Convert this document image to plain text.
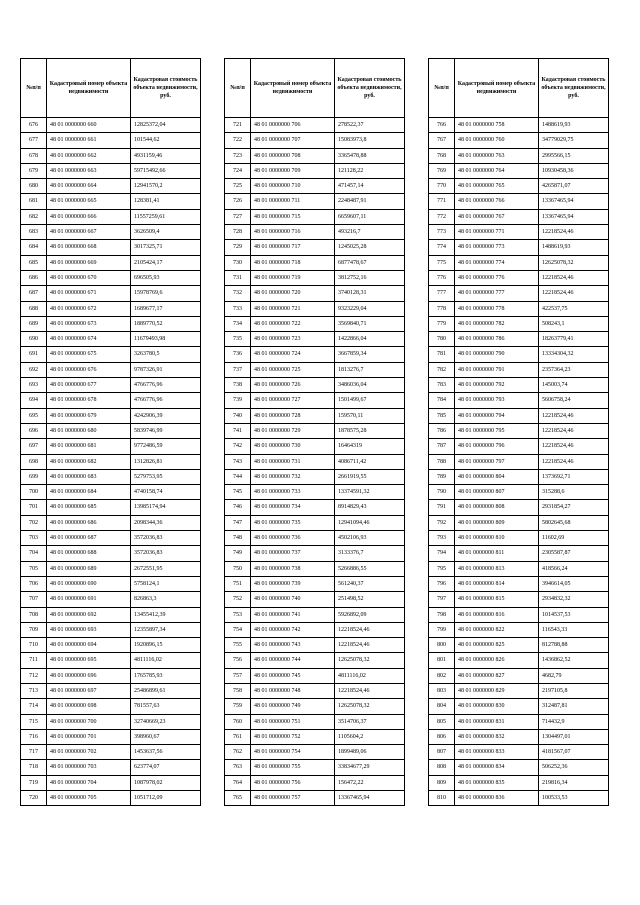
№п/п	Кадастровый номер объекта недвижимости	Кадастровая стоимость объекта недвижимости, руб.
676	48 01 0000000 660	12825372,04
677	48 01 0000000 661	101544,62
678	48 01 0000000 662	4931159,46
679	48 01 0000000 663	59715492,66
680	48 01 0000000 664	12941570,2
681	48 01 0000000 665	128381,41
682	48 01 0000000 666	11557259,61
683	48 01 0000000 667	3626509,4
684	48 01 0000000 668	3017325,71
685	48 01 0000000 669	2105424,17
686	48 01 0000000 670	696505,93
687	48 01 0000000 671	15978769,6
688	48 01 0000000 672	1689677,17
689	48 01 0000000 673	1889770,52
690	48 01 0000000 674	11679493,98
691	48 01 0000000 675	3263780,5
692	48 01 0000000 676	9787326,91
693	48 01 0000000 677	4766776,96
694	48 01 0000000 678	4766776,96
695	48 01 0000000 679	4242906,39
696	48 01 0000000 680	5839746,99
697	48 01 0000000 681	9772486,59
698	48 01 0000000 682	1312826,81
699	48 01 0000000 683	5279753,95
700	48 01 0000000 684	4740158,74
701	48 01 0000000 685	13985174,94
702	48 01 0000000 686	2098344,36
703	48 01 0000000 687	3572036,83
704	48 01 0000000 688	3572036,83
705	48 01 0000000 689	2672551,95
706	48 01 0000000 690	5758124,1
707	48 01 0000000 691	826863,3
708	48 01 0000000 692	13455412,39
709	48 01 0000000 693	12355897,34
710	48 01 0000000 694	1920896,15
711	48 01 0000000 695	4811116,02
712	48 01 0000000 696	1765785,93
713	48 01 0000000 697	25486899,61
714	48 01 0000000 698	781557,63
715	48 01 0000000 700	32740669,23
716	48 01 0000000 701	398960,67
717	48 01 0000000 702	1453637,56
718	48 01 0000000 703	623774,07
719	48 01 0000000 704	1087978,02
720	48 01 0000000 705	1051712,09
№п/п	Кадастровый номер объекта недвижимости	Кадастровая стоимость объекта недвижимости, руб.
721	48 01 0000000 706	278522,37
722	48 01 0000000 707	15083973,8
723	48 01 0000000 708	3365478,88
724	48 01 0000000 709	121128,22
725	48 01 0000000 710	471457,14
726	48 01 0000000 711	2248487,91
727	48 01 0000000 715	6659607,11
728	48 01 0000000 716	493216,7
729	48 01 0000000 717	1245025,28
730	48 01 0000000 718	6877478,67
731	48 01 0000000 719	3812752,16
732	48 01 0000000 720	3740128,31
733	48 01 0000000 721	9323229,04
734	48 01 0000000 722	3569840,71
735	48 01 0000000 723	1422866,04
736	48 01 0000000 724	3667859,34
737	48 01 0000000 725	1813276,7
738	48 01 0000000 726	3486036,04
739	48 01 0000000 727	1501499,67
740	48 01 0000000 728	159570,11
741	48 01 0000000 729	1878575,28
742	48 01 0000000 730	16464319
743	48 01 0000000 731	4086711,42
744	48 01 0000000 732	2661919,55
745	48 01 0000000 733	13374591,32
746	48 01 0000000 734	8914829,43
747	48 01 0000000 735	12941094,46
748	48 01 0000000 736	4502106,93
749	48 01 0000000 737	3133376,7
750	48 01 0000000 738	5266886,55
751	48 01 0000000 739	561240,37
752	48 01 0000000 740	251498,52
753	48 01 0000000 741	5926892,09
754	48 01 0000000 742	12218524,46
755	48 01 0000000 743	12218524,46
756	48 01 0000000 744	12625078,32
757	48 01 0000000 745	4811116,02
758	48 01 0000000 748	12218524,46
759	48 01 0000000 749	12625078,32
760	48 01 0000000 751	3514706,37
761	48 01 0000000 752	1105604,2
762	48 01 0000000 754	1899489,06
763	48 01 0000000 755	33834677,29
764	48 01 0000000 756	156472,22
765	48 01 0000000 757	13367465,94
№п/п	Кадастровый номер объекта недвижимости	Кадастровая стоимость объекта недвижимости, руб.
766	48 01 0000000 758	1488619,93
767	48 01 0000000 760	34779029,75
768	48 01 0000000 763	2995566,15
769	48 01 0000000 764	10930458,36
770	48 01 0000000 765	4265871,07
771	48 01 0000000 766	13367465,94
772	48 01 0000000 767	13367465,94
773	48 01 0000000 771	12218524,46
774	48 01 0000000 773	1488619,93
775	48 01 0000000 774	12625078,32
776	48 01 0000000 776	12218524,46
777	48 01 0000000 777	12218524,46
778	48 01 0000000 778	422537,75
779	48 01 0000000 782	508243,1
780	48 01 0000000 786	18263779,41
781	48 01 0000000 790	13334304,32
782	48 01 0000000 791	2357364,23
783	48 01 0000000 792	145003,74
784	48 01 0000000 793	5606758,24
785	48 01 0000000 794	12218524,46
786	48 01 0000000 795	12218524,46
787	48 01 0000000 796	12218524,46
788	48 01 0000000 797	12218524,46
789	48 01 0000000 804	1373692,71
790	48 01 0000000 807	315288,6
791	48 01 0000000 808	2931854,27
792	48 01 0000000 809	5802645,68
793	48 01 0000000 810	11602,69
794	48 01 0000000 811	2305587,87
795	48 01 0000000 813	418566,24
796	48 01 0000000 814	3946614,05
797	48 01 0000000 815	2934832,32
798	48 01 0000000 816	1014537,53
799	48 01 0000000 822	116543,33
800	48 01 0000000 825	812788,88
801	48 01 0000000 826	1436862,52
802	48 01 0000000 827	4682,79
803	48 01 0000000 829	2197105,8
804	48 01 0000000 830	312487,81
805	48 01 0000000 831	714432,9
806	48 01 0000000 832	1304497,01
807	48 01 0000000 833	4181567,07
808	48 01 0000000 834	506252,36
809	48 01 0000000 835	219816,34
810	48 01 0000000 836	100533,53
